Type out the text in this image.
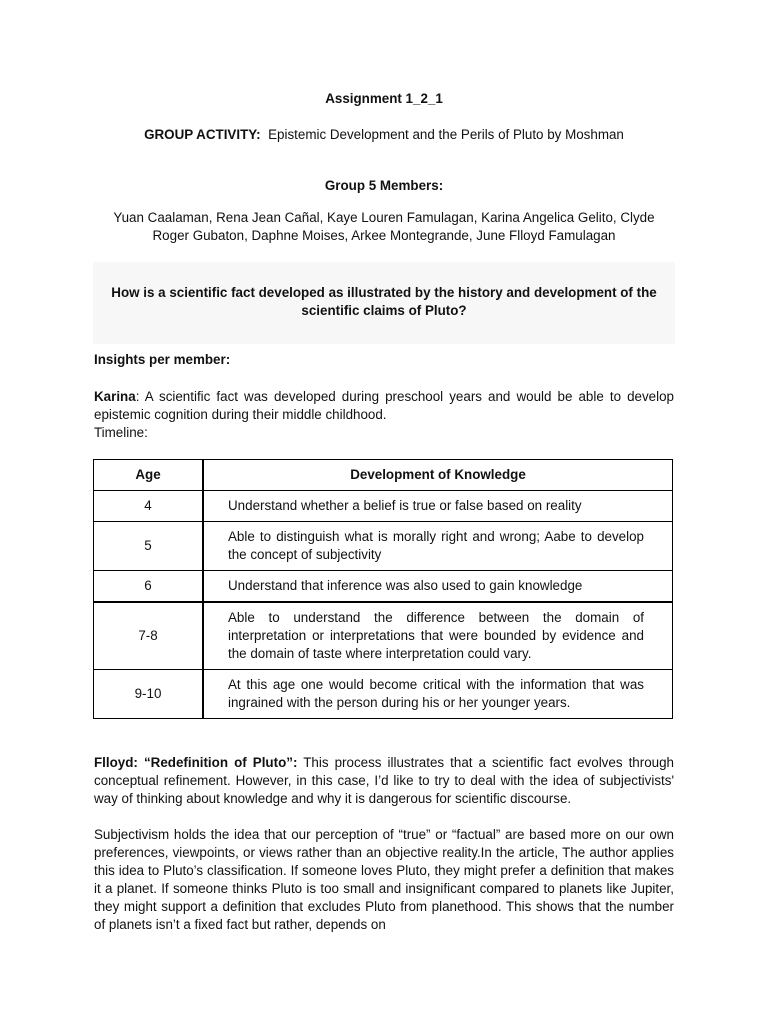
Assignment 1_2_1
GROUP ACTIVITY: Epistemic Development and the Perils of Pluto by Moshman
Group 5 Members:
Yuan Caalaman, Rena Jean Cañal, Kaye Louren Famulagan, Karina Angelica Gelito, Clyde
Roger Gubaton, Daphne Moises, Arkee Montegrande, June Flloyd Famulagan
How is a scientific fact developed as illustrated by the history and development of the scientific claims of Pluto?
Insights per member:
Karina: A scientific fact was developed during preschool years and would be able to develop epistemic cognition during their middle childhood.
Timeline:
Age	Development of Knowledge
4	Understand whether a belief is true or false based on reality
5	Able to distinguish what is morally right and wrong; Aabe to develop the concept of subjectivity
6	Understand that inference was also used to gain knowledge
7-8	Able to understand the difference between the domain of interpretation or interpretations that were bounded by evidence and the domain of taste where interpretation could vary.
9-10	At this age one would become critical with the information that was ingrained with the person during his or her younger years.
Flloyd: “Redefinition of Pluto”: This process illustrates that a scientific fact evolves through conceptual refinement. However, in this case, I’d like to try to deal with the idea of subjectivists' way of thinking about knowledge and why it is dangerous for scientific discourse.
Subjectivism holds the idea that our perception of “true” or “factual” are based more on our own preferences, viewpoints, or views rather than an objective reality.In the article, The author applies this idea to Pluto’s classification. If someone loves Pluto, they might prefer a definition that makes it a planet. If someone thinks Pluto is too small and insignificant compared to planets like Jupiter, they might support a definition that excludes Pluto from planethood. This shows that the number of planets isn’t a fixed fact but rather, depends on
